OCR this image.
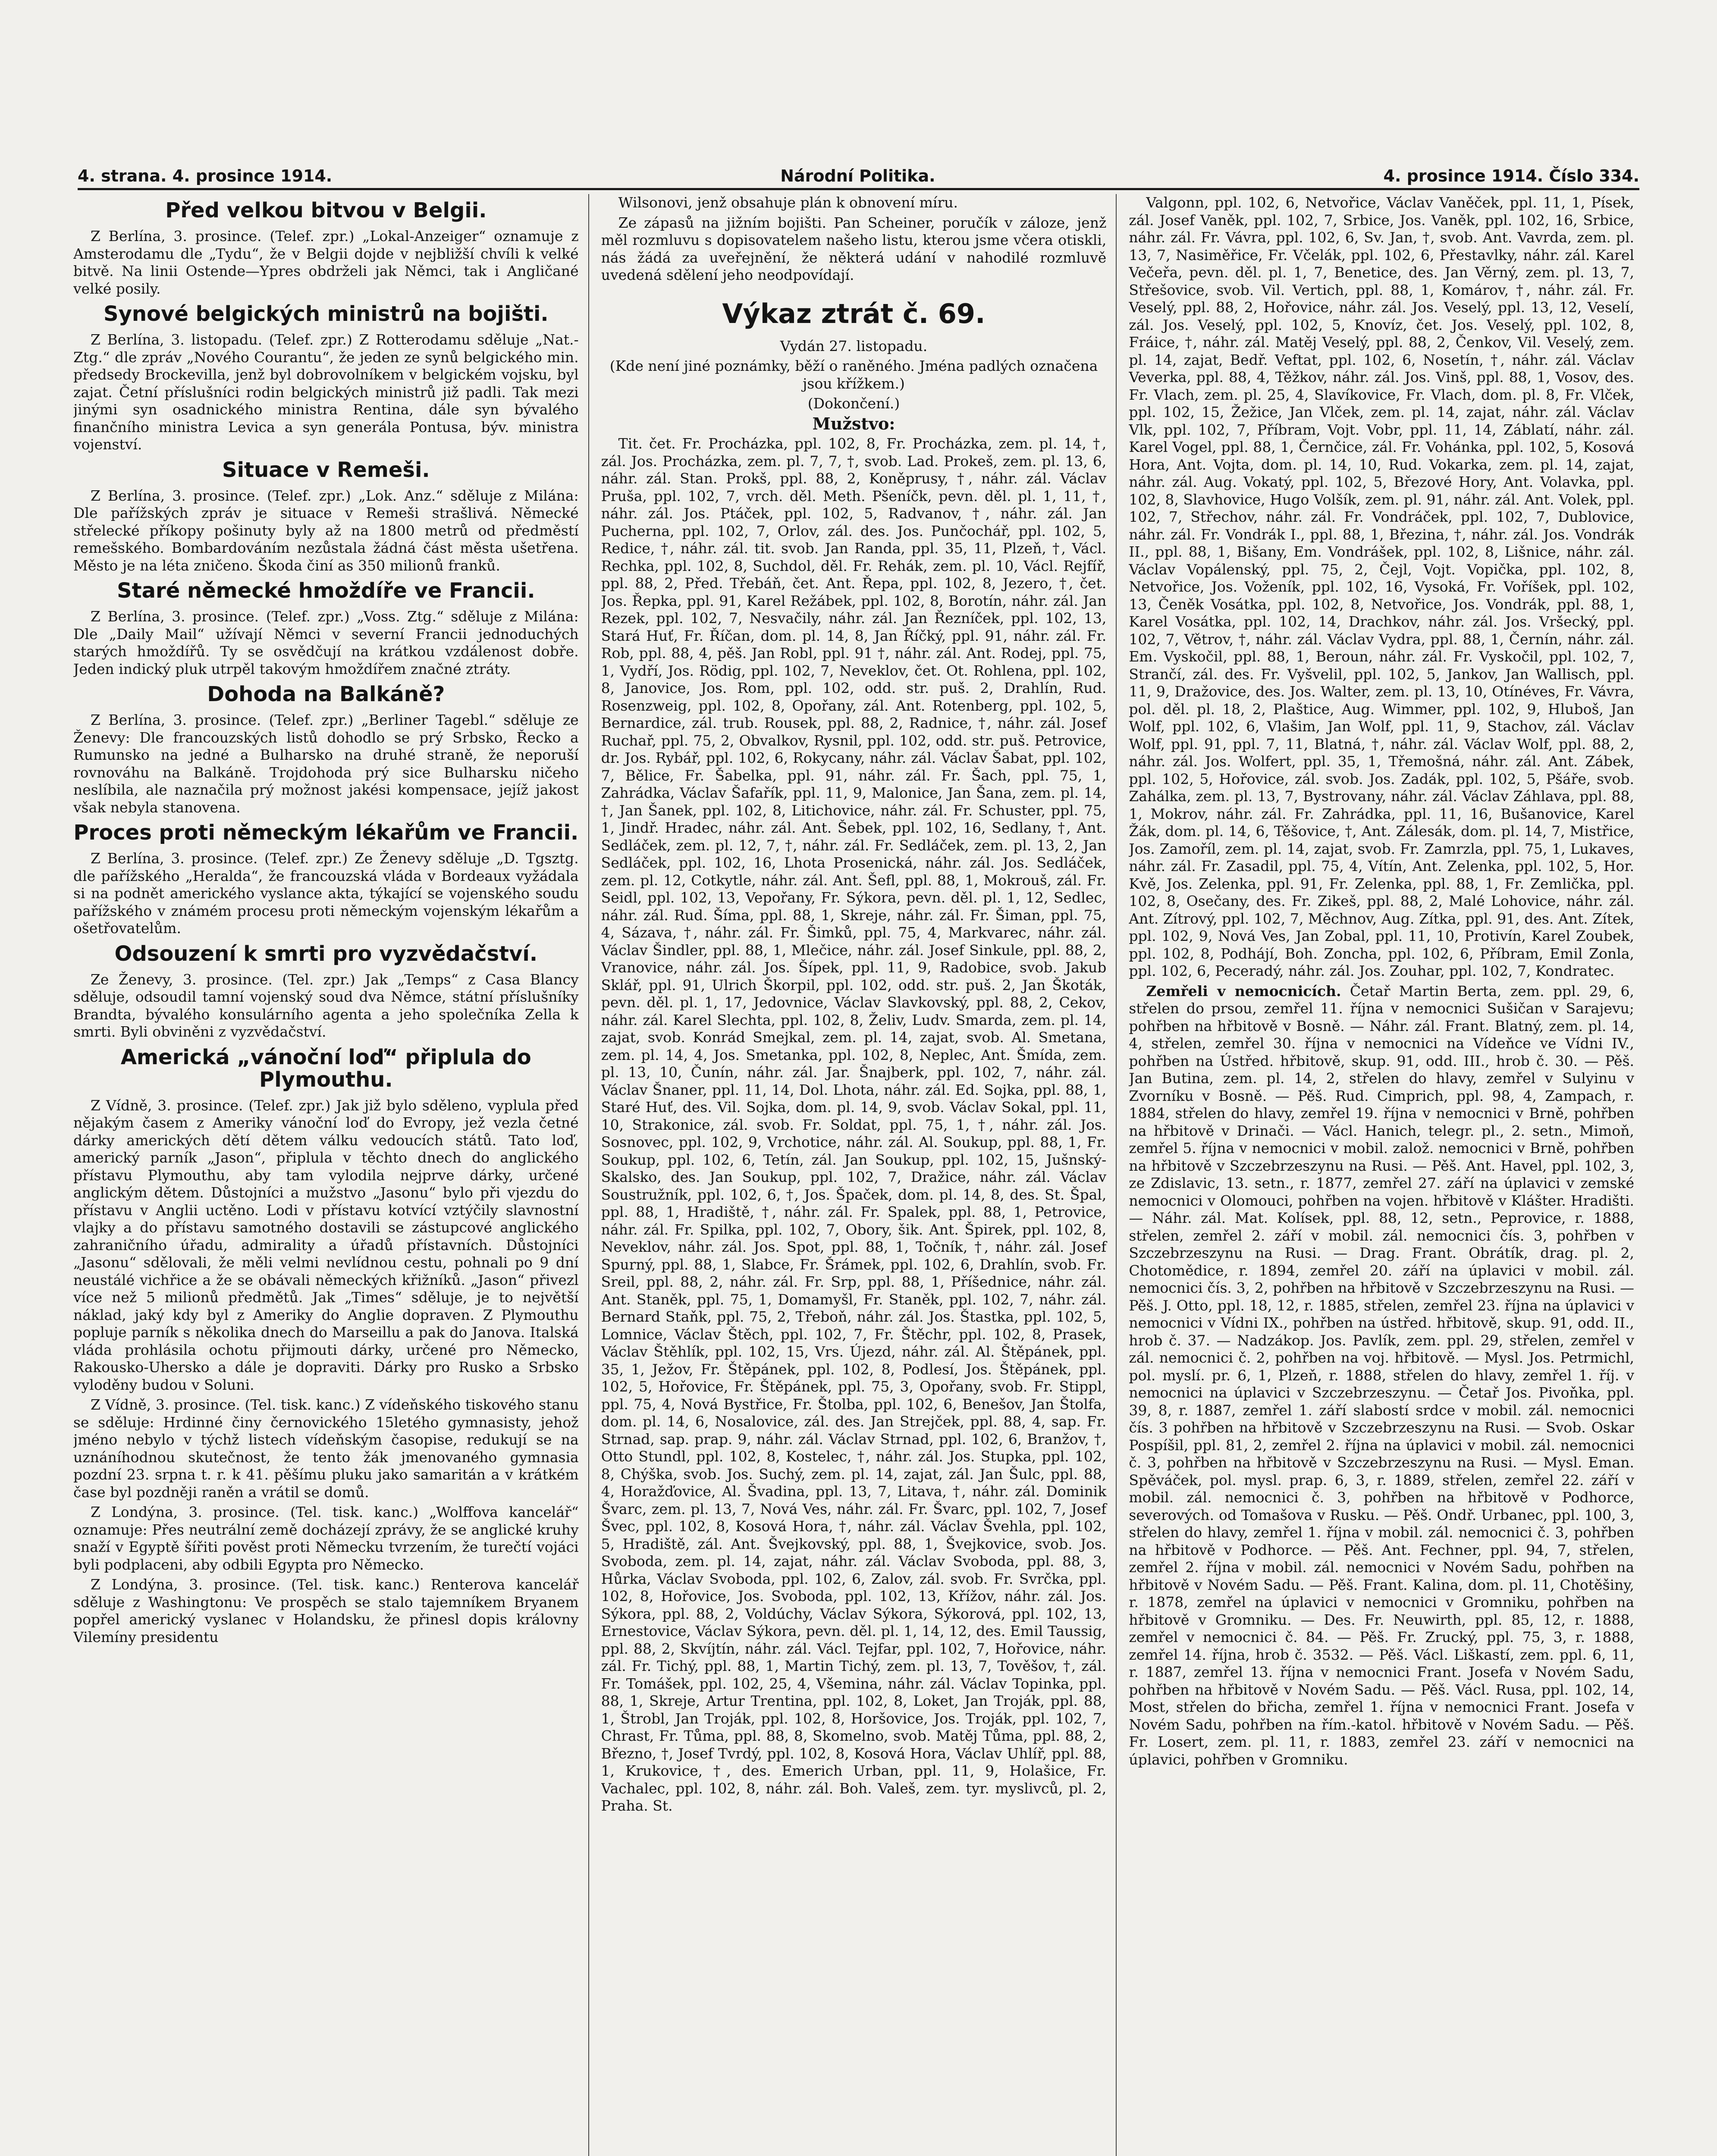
4. strana. 4. prosince 1914.	Národní Politika.	4. prosince 1914. Číslo 334.
Před velkou bitvou v Belgii.

Z Berlína, 3. prosince. (Telef. zpr.) „Lokal-Anzeiger“ oznamuje z Amsterodamu dle „Tydu“, že v Belgii dojde v nejbližší chvíli k velké bitvě. Na linii Ostende—Ypres obdrželi jak Němci, tak i Angličané velké posily.

Synové belgických ministrů na bojišti.

Z Berlína, 3. listopadu. (Telef. zpr.) Z Rotterodamu sděluje „Nat.-Ztg.“ dle zpráv „Nového Courantu“, že jeden ze synů belgického min. předsedy Brockevilla, jenž byl dobrovolníkem v belgickém vojsku, byl zajat. Četní příslušníci rodin belgických ministrů již padli. Tak mezi jinými syn osadnického ministra Rentina, dále syn bývalého finančního ministra Levica a syn generála Pontusa, býv. ministra vojenství.

Situace v Remeši.

Z Berlína, 3. prosince. (Telef. zpr.) „Lok. Anz.“ sděluje z Milána: Dle pařížských zpráv je situace v Remeši strašlivá. Německé střelecké příkopy pošinuty byly až na 1800 metrů od předměstí remešského. Bombardováním nezůstala žádná část města ušetřena. Město je na léta zničeno. Škoda činí as 350 milionů franků.

Staré německé hmoždíře ve Francii.

Z Berlína, 3. prosince. (Telef. zpr.) „Voss. Ztg.“ sděluje z Milána: Dle „Daily Mail“ užívají Němci v severní Francii jednoduchých starých hmoždířů. Ty se osvědčují na krátkou vzdálenost dobře. Jeden indický pluk utrpěl takovým hmoždířem značné ztráty.

Dohoda na Balkáně?

Z Berlína, 3. prosince. (Telef. zpr.) „Berliner Tagebl.“ sděluje ze Ženevy: Dle francouzských listů dohodlo se prý Srbsko, Řecko a Rumunsko na jedné a Bulharsko na druhé straně, že neporuší rovnováhu na Balkáně. Trojdohoda prý sice Bulharsku ničeho neslíbila, ale naznačila prý možnost jakési kompensace, jejíž jakost však nebyla stanovena.

Proces proti německým lékařům ve Francii.

Z Berlína, 3. prosince. (Telef. zpr.) Ze Ženevy sděluje „D. Tgsztg. dle pařížského „Heralda“, že francouzská vláda v Bordeaux vyžádala si na podnět amerického vyslance akta, týkající se vojenského soudu pařížského v známém procesu proti německým vojenským lékařům a ošetřovatelům.

Odsouzení k smrti pro vyzvědačství.

Ze Ženevy, 3. prosince. (Tel. zpr.) Jak „Temps“ z Casa Blancy sděluje, odsoudil tamní vojenský soud dva Němce, státní příslušníky Brandta, bývalého konsulárního agenta a jeho společníka Zella k smrti. Byli obviněni z vyzvědačství.

Americká „vánoční loď“ připlula do Plymouthu.

Z Vídně, 3. prosince. (Telef. zpr.) Jak již bylo sděleno, vyplula před nějakým časem z Ameriky vánoční loď do Evropy, jež vezla četné dárky amerických dětí dětem válku vedoucích států. Tato loď, americký parník „Jason“, připlula v těchto dnech do anglického přístavu Plymouthu, aby tam vylodila nejprve dárky, určené anglickým dětem. Důstojníci a mužstvo „Jasonu“ bylo při vjezdu do přístavu v Anglii uctěno. Lodi v přístavu kotvící vztýčily slavnostní vlajky a do přístavu samotného dostavili se zástupcové anglického zahraničního úřadu, admirality a úřadů přístavních. Důstojníci „Jasonu“ sdělovali, že měli velmi nevlídnou cestu, pohnali po 9 dní neustálé vichřice a že se obávali německých křižníků. „Jason“ přivezl více než 5 milionů předmětů. Jak „Times“ sděluje, je to největší náklad, jaký kdy byl z Ameriky do Anglie dopraven. Z Plymouthu popluje parník s několika dnech do Marseillu a pak do Janova. Italská vláda prohlásila ochotu přijmouti dárky, určené pro Německo, Rakousko-Uhersko a dále je dopraviti. Dárky pro Rusko a Srbsko vyloděny budou v Soluni.

Z Vídně, 3. prosince. (Tel. tisk. kanc.) Z vídeňského tiskového stanu se sděluje: Hrdinné činy černovického 15letého gymnasisty, jehož jméno nebylo v týchž listech vídeňským časopise, redukují se na uznáníhodnou skutečnost, že tento žák jmenovaného gymnasia pozdní 23. srpna t. r. k 41. pěšímu pluku jako samaritán a v krátkém čase byl pozdněji raněn a vrátil se domů.

Z Londýna, 3. prosince. (Tel. tisk. kanc.) „Wolffova kancelář“ oznamuje: Přes neutrální země docházejí zprávy, že se anglické kruhy snaží v Egyptě šířiti pověst proti Německu tvrzením, že turečtí vojáci byli podplaceni, aby odbili Egypta pro Německo.

Z Londýna, 3. prosince. (Tel. tisk. kanc.) Renterova kancelář sděluje z Washingtonu: Ve prospěch se stalo tajemníkem Bryanem popřel americký vyslanec v Holandsku, že přinesl dopis královny Vilemíny presidentu

Wilsonovi, jenž obsahuje plán k obnovení míru.

Ze zápasů na jižním bojišti. Pan Scheiner, poručík v záloze, jenž měl rozmluvu s dopisovatelem našeho listu, kterou jsme včera otiskli, nás žádá za uveřejnění, že některá udání v nahodilé rozmluvě uvedená sdělení jeho neodpovídají.

Výkaz ztrát č. 69.

Vydán 27. listopadu.

(Kde není jiné poznámky, běží o raněného. Jména padlých označena jsou křížkem.)

(Dokončení.)

Mužstvo:

Tit. čet. Fr. Procházka, ppl. 102, 8, Fr. Procházka, zem. pl. 14, †, zál. Jos. Procházka, zem. pl. 7, 7, †, svob. Lad. Prokeš, zem. pl. 13, 6, náhr. zál. Stan. Prokš, ppl. 88, 2, Koněprusy, †, náhr. zál. Václav Pruša, ppl. 102, 7, vrch. děl. Meth. Pšeníčk, pevn. děl. pl. 1, 11, †, náhr. zál. Jos. Ptáček, ppl. 102, 5, Radvanov, †, náhr. zál. Jan Pucherna, ppl. 102, 7, Orlov, zál. des. Jos. Punčochář, ppl. 102, 5, Redice, †, náhr. zál. tit. svob. Jan Randa, ppl. 35, 11, Plzeň, †, Václ. Rechka, ppl. 102, 8, Suchdol, děl. Fr. Rehák, zem. pl. 10, Václ. Rejfíř, ppl. 88, 2, Před. Třebáň, čet. Ant. Řepa, ppl. 102, 8, Jezero, †, čet. Jos. Řepka, ppl. 91, Karel Režábek, ppl. 102, 8, Borotín, náhr. zál. Jan Rezek, ppl. 102, 7, Nesvačily, náhr. zál. Jan Řezníček, ppl. 102, 13, Stará Huť, Fr. Říčan, dom. pl. 14, 8, Jan Říčký, ppl. 91, náhr. zál. Fr. Rob, ppl. 88, 4, pěš. Jan Robl, ppl. 91 †, náhr. zál. Ant. Rodej, ppl. 75, 1, Vydří, Jos. Rödig, ppl. 102, 7, Neveklov, čet. Ot. Rohlena, ppl. 102, 8, Janovice, Jos. Rom, ppl. 102, odd. str. puš. 2, Drahlín, Rud. Rosenzweig, ppl. 102, 8, Opořany, zál. Ant. Rotenberg, ppl. 102, 5, Bernardice, zál. trub. Rousek, ppl. 88, 2, Radnice, †, náhr. zál. Josef Ruchař, ppl. 75, 2, Obvalkov, Rysnil, ppl. 102, odd. str. puš. Petrovice, dr. Jos. Rybář, ppl. 102, 6, Rokycany, náhr. zál. Václav Šabat, ppl. 102, 7, Bělice, Fr. Šabelka, ppl. 91, náhr. zál. Fr. Šach, ppl. 75, 1, Zahrádka, Václav Šafařík, ppl. 11, 9, Malonice, Jan Šana, zem. pl. 14, †, Jan Šanek, ppl. 102, 8, Litichovice, náhr. zál. Fr. Schuster, ppl. 75, 1, Jindř. Hradec, náhr. zál. Ant. Šebek, ppl. 102, 16, Sedlany, †, Ant. Sedláček, zem. pl. 12, 7, †, náhr. zál. Fr. Sedláček, zem. pl. 13, 2, Jan Sedláček, ppl. 102, 16, Lhota Prosenická, náhr. zál. Jos. Sedláček, zem. pl. 12, Cotkytle, náhr. zál. Ant. Šefl, ppl. 88, 1, Mokrouš, zál. Fr. Seidl, ppl. 102, 13, Vepořany, Fr. Sýkora, pevn. děl. pl. 1, 12, Sedlec, náhr. zál. Rud. Šíma, ppl. 88, 1, Skreje, náhr. zál. Fr. Šiman, ppl. 75, 4, Sázava, †, náhr. zál. Fr. Šimků, ppl. 75, 4, Markvarec, náhr. zál. Václav Šindler, ppl. 88, 1, Mlečice, náhr. zál. Josef Sinkule, ppl. 88, 2, Vranovice, náhr. zál. Jos. Šípek, ppl. 11, 9, Radobice, svob. Jakub Sklář, ppl. 91, Ulrich Škorpil, ppl. 102, odd. str. puš. 2, Jan Škoták, pevn. děl. pl. 1, 17, Jedovnice, Václav Slavkovský, ppl. 88, 2, Cekov, náhr. zál. Karel Slechta, ppl. 102, 8, Želiv, Ludv. Smarda, zem. pl. 14, zajat, svob. Konrád Smejkal, zem. pl. 14, zajat, svob. Al. Smetana, zem. pl. 14, 4, Jos. Smetanka, ppl. 102, 8, Neplec, Ant. Šmída, zem. pl. 13, 10, Čunín, náhr. zál. Jar. Šnajberk, ppl. 102, 7, náhr. zál. Václav Šnaner, ppl. 11, 14, Dol. Lhota, náhr. zál. Ed. Sojka, ppl. 88, 1, Staré Huť, des. Vil. Sojka, dom. pl. 14, 9, svob. Václav Sokal, ppl. 11, 10, Strakonice, zál. svob. Fr. Soldat, ppl. 75, 1, †, náhr. zál. Jos. Sosnovec, ppl. 102, 9, Vrchotice, náhr. zál. Al. Soukup, ppl. 88, 1, Fr. Soukup, ppl. 102, 6, Tetín, zál. Jan Soukup, ppl. 102, 15, Jušnský-Skalsko, des. Jan Soukup, ppl. 102, 7, Dražice, náhr. zál. Václav Soustružník, ppl. 102, 6, †, Jos. Špaček, dom. pl. 14, 8, des. St. Špal, ppl. 88, 1, Hradiště, †, náhr. zál. Fr. Spalek, ppl. 88, 1, Petrovice, náhr. zál. Fr. Spilka, ppl. 102, 7, Obory, šik. Ant. Špirek, ppl. 102, 8, Neveklov, náhr. zál. Jos. Spot, ppl. 88, 1, Točník, †, náhr. zál. Josef Spurný, ppl. 88, 1, Slabce, Fr. Šrámek, ppl. 102, 6, Drahlín, svob. Fr. Sreil, ppl. 88, 2, náhr. zál. Fr. Srp, ppl. 88, 1, Příšednice, náhr. zál. Ant. Staněk, ppl. 75, 1, Domamyšl, Fr. Staněk, ppl. 102, 7, náhr. zál. Bernard Staňk, ppl. 75, 2, Třeboň, náhr. zál. Jos. Štastka, ppl. 102, 5, Lomnice, Václav Štěch, ppl. 102, 7, Fr. Štěchr, ppl. 102, 8, Prasek, Václav Štěhlík, ppl. 102, 15, Vrs. Újezd, náhr. zál. Al. Štěpánek, ppl. 35, 1, Ježov, Fr. Štěpánek, ppl. 102, 8, Podlesí, Jos. Štěpánek, ppl. 102, 5, Hořovice, Fr. Štěpánek, ppl. 75, 3, Opořany, svob. Fr. Stippl, ppl. 75, 4, Nová Bystřice, Fr. Štolba, ppl. 102, 6, Benešov, Jan Štolfa, dom. pl. 14, 6, Nosalovice, zál. des. Jan Strejček, ppl. 88, 4, sap. Fr. Strnad, sap. prap. 9, náhr. zál. Václav Strnad, ppl. 102, 6, Branžov, †, Otto Stundl, ppl. 102, 8, Kostelec, †, náhr. zál. Jos. Stupka, ppl. 102, 8, Chýška, svob. Jos. Suchý, zem. pl. 14, zajat, zál. Jan Šulc, ppl. 88, 4, Horažďovice, Al. Švadina, ppl. 13, 7, Litava, †, náhr. zál. Dominik Švarc, zem. pl. 13, 7, Nová Ves, náhr. zál. Fr. Švarc, ppl. 102, 7, Josef Švec, ppl. 102, 8, Kosová Hora, †, náhr. zál. Václav Švehla, ppl. 102, 5, Hradiště, zál. Ant. Švejkovský, ppl. 88, 1, Švejkovice, svob. Jos. Svoboda, zem. pl. 14, zajat, náhr. zál. Václav Svoboda, ppl. 88, 3, Hůrka, Václav Svoboda, ppl. 102, 6, Zalov, zál. svob. Fr. Svrčka, ppl. 102, 8, Hořovice, Jos. Svoboda, ppl. 102, 13, Křížov, náhr. zál. Jos. Sýkora, ppl. 88, 2, Voldúchy, Václav Sýkora, Sýkorová, ppl. 102, 13, Ernestovice, Václav Sýkora, pevn. děl. pl. 1, 14, 12, des. Emil Taussig, ppl. 88, 2, Skvíjtín, náhr. zál. Václ. Tejfar, ppl. 102, 7, Hořovice, náhr. zál. Fr. Tichý, ppl. 88, 1, Martin Tichý, zem. pl. 13, 7, Tověšov, †, zál. Fr. Tomášek, ppl. 102, 25, 4, Všemina, náhr. zál. Václav Topinka, ppl. 88, 1, Skreje, Artur Trentina, ppl. 102, 8, Loket, Jan Troják, ppl. 88, 1, Štrobl, Jan Troják, ppl. 102, 8, Horšovice, Jos. Troják, ppl. 102, 7, Chrast, Fr. Tůma, ppl. 88, 8, Skomelno, svob. Matěj Tůma, ppl. 88, 2, Březno, †, Josef Tvrdý, ppl. 102, 8, Kosová Hora, Václav Uhlíř, ppl. 88, 1, Krukovice, †, des. Emerich Urban, ppl. 11, 9, Holašice, Fr. Vachalec, ppl. 102, 8, náhr. zál. Boh. Valeš, zem. tyr. myslivců, pl. 2, Praha. St.

Valgonn, ppl. 102, 6, Netvořice, Václav Vaněček, ppl. 11, 1, Písek, zál. Josef Vaněk, ppl. 102, 7, Srbice, Jos. Vaněk, ppl. 102, 16, Srbice, náhr. zál. Fr. Vávra, ppl. 102, 6, Sv. Jan, †, svob. Ant. Vavrda, zem. pl. 13, 7, Nasiměřice, Fr. Včelák, ppl. 102, 6, Přestavlky, náhr. zál. Karel Večeřa, pevn. děl. pl. 1, 7, Benetice, des. Jan Věrný, zem. pl. 13, 7, Střešovice, svob. Vil. Vertich, ppl. 88, 1, Komárov, †, náhr. zál. Fr. Veselý, ppl. 88, 2, Hořovice, náhr. zál. Jos. Veselý, ppl. 13, 12, Veselí, zál. Jos. Veselý, ppl. 102, 5, Knovíz, čet. Jos. Veselý, ppl. 102, 8, Fráice, †, náhr. zál. Matěj Veselý, ppl. 88, 2, Čenkov, Vil. Veselý, zem. pl. 14, zajat, Bedř. Veftat, ppl. 102, 6, Nosetín, †, náhr. zál. Václav Veverka, ppl. 88, 4, Těžkov, náhr. zál. Jos. Vinš, ppl. 88, 1, Vosov, des. Fr. Vlach, zem. pl. 25, 4, Slavíkovice, Fr. Vlach, dom. pl. 8, Fr. Vlček, ppl. 102, 15, Žežice, Jan Vlček, zem. pl. 14, zajat, náhr. zál. Václav Vlk, ppl. 102, 7, Příbram, Vojt. Vobr, ppl. 11, 14, Záblatí, náhr. zál. Karel Vogel, ppl. 88, 1, Černčice, zál. Fr. Vohánka, ppl. 102, 5, Kosová Hora, Ant. Vojta, dom. pl. 14, 10, Rud. Vokarka, zem. pl. 14, zajat, náhr. zál. Aug. Vokatý, ppl. 102, 5, Březové Hory, Ant. Volavka, ppl. 102, 8, Slavhovice, Hugo Volšík, zem. pl. 91, náhr. zál. Ant. Volek, ppl. 102, 7, Střechov, náhr. zál. Fr. Vondráček, ppl. 102, 7, Dublovice, náhr. zál. Fr. Vondrák I., ppl. 88, 1, Březina, †, náhr. zál. Jos. Vondrák II., ppl. 88, 1, Bišany, Em. Vondrášek, ppl. 102, 8, Lišnice, náhr. zál. Václav Vopálenský, ppl. 75, 2, Čejl, Vojt. Vopička, ppl. 102, 8, Netvořice, Jos. Voženík, ppl. 102, 16, Vysoká, Fr. Voříšek, ppl. 102, 13, Čeněk Vosátka, ppl. 102, 8, Netvořice, Jos. Vondrák, ppl. 88, 1, Karel Vosátka, ppl. 102, 14, Drachkov, náhr. zál. Jos. Vršecký, ppl. 102, 7, Větrov, †, náhr. zál. Václav Vydra, ppl. 88, 1, Černín, náhr. zál. Em. Vyskočil, ppl. 88, 1, Beroun, náhr. zál. Fr. Vyskočil, ppl. 102, 7, Strančí, zál. des. Fr. Vyšvelil, ppl. 102, 5, Jankov, Jan Wallisch, ppl. 11, 9, Dražovice, des. Jos. Walter, zem. pl. 13, 10, Otínéves, Fr. Vávra, pol. děl. pl. 18, 2, Plaštice, Aug. Wimmer, ppl. 102, 9, Hluboš, Jan Wolf, ppl. 102, 6, Vlašim, Jan Wolf, ppl. 11, 9, Stachov, zál. Václav Wolf, ppl. 91, ppl. 7, 11, Blatná, †, náhr. zál. Václav Wolf, ppl. 88, 2, náhr. zál. Jos. Wolfert, ppl. 35, 1, Třemošná, náhr. zál. Ant. Zábek, ppl. 102, 5, Hořovice, zál. svob. Jos. Zadák, ppl. 102, 5, Pšáře, svob. Zahálka, zem. pl. 13, 7, Bystrovany, náhr. zál. Václav Záhlava, ppl. 88, 1, Mokrov, náhr. zál. Fr. Zahrádka, ppl. 11, 16, Bušanovice, Karel Žák, dom. pl. 14, 6, Těšovice, †, Ant. Zálesák, dom. pl. 14, 7, Mistřice, Jos. Zamoříl, zem. pl. 14, zajat, svob. Fr. Zamrzla, ppl. 75, 1, Lukaves, náhr. zál. Fr. Zasadil, ppl. 75, 4, Vítín, Ant. Zelenka, ppl. 102, 5, Hor. Kvě, Jos. Zelenka, ppl. 91, Fr. Zelenka, ppl. 88, 1, Fr. Zemlička, ppl. 102, 8, Osečany, des. Fr. Zikeš, ppl. 88, 2, Malé Lohovice, náhr. zál. Ant. Zítrový, ppl. 102, 7, Měchnov, Aug. Zítka, ppl. 91, des. Ant. Zítek, ppl. 102, 9, Nová Ves, Jan Zobal, ppl. 11, 10, Protivín, Karel Zoubek, ppl. 102, 8, Podhájí, Boh. Zoncha, ppl. 102, 6, Příbram, Emil Zonla, ppl. 102, 6, Peceradý, náhr. zál. Jos. Zouhar, ppl. 102, 7, Kondratec.

Zemřeli v nemocnicích. Četař Martin Berta, zem. ppl. 29, 6, střelen do prsou, zemřel 11. října v nemocnici Sušičan v Sarajevu; pohřben na hřbitově v Bosně. — Náhr. zál. Frant. Blatný, zem. pl. 14, 4, střelen, zemřel 30. října v nemocnici na Vídeňce ve Vídni IV., pohřben na Ústřed. hřbitově, skup. 91, odd. III., hrob č. 30. — Pěš. Jan Butina, zem. pl. 14, 2, střelen do hlavy, zemřel v Sulyinu v Zvorníku v Bosně. — Pěš. Rud. Cimprich, ppl. 98, 4, Zampach, r. 1884, střelen do hlavy, zemřel 19. října v nemocnici v Brně, pohřben na hřbitově v Drinači. — Václ. Hanich, telegr. pl., 2. setn., Mimoň, zemřel 5. října v nemocnici v mobil. založ. nemocnici v Brně, pohřben na hřbitově v Szczebrzeszynu na Rusi. — Pěš. Ant. Havel, ppl. 102, 3, ze Zdislavic, 13. setn., r. 1877, zemřel 27. září na úplavici v zemské nemocnici v Olomouci, pohřben na vojen. hřbitově v Klášter. Hradišti. — Náhr. zál. Mat. Kolísek, ppl. 88, 12, setn., Peprovice, r. 1888, střelen, zemřel 2. září v mobil. zál. nemocnici čís. 3, pohřben v Szczebrzeszynu na Rusi. — Drag. Frant. Obrátík, drag. pl. 2, Chotomědice, r. 1894, zemřel 20. září na úplavici v mobil. zál. nemocnici čís. 3, 2, pohřben na hřbitově v Szczebrzeszynu na Rusi. — Pěš. J. Otto, ppl. 18, 12, r. 1885, střelen, zemřel 23. října na úplavici v nemocnici v Vídni IX., pohřben na ústřed. hřbitově, skup. 91, odd. II., hrob č. 37. — Nadzákop. Jos. Pavlík, zem. ppl. 29, střelen, zemřel v zál. nemocnici č. 2, pohřben na voj. hřbitově. — Mysl. Jos. Petrmichl, pol. myslí. pr. 6, 1, Plzeň, r. 1888, střelen do hlavy, zemřel 1. říj. v nemocnici na úplavici v Szczebrzeszynu. — Četař Jos. Pivoňka, ppl. 39, 8, r. 1887, zemřel 1. září slabostí srdce v mobil. zál. nemocnici čís. 3 pohřben na hřbitově v Szczebrzeszynu na Rusi. — Svob. Oskar Pospíšil, ppl. 81, 2, zemřel 2. října na úplavici v mobil. zál. nemocnici č. 3, pohřben na hřbitově v Szczebrzeszynu na Rusi. — Mysl. Eman. Spěváček, pol. mysl. prap. 6, 3, r. 1889, střelen, zemřel 22. září v mobil. zál. nemocnici č. 3, pohřben na hřbitově v Podhorce, severových. od Tomašova v Rusku. — Pěš. Ondř. Urbanec, ppl. 100, 3, střelen do hlavy, zemřel 1. října v mobil. zál. nemocnici č. 3, pohřben na hřbitově v Podhorce. — Pěš. Ant. Fechner, ppl. 94, 7, střelen, zemřel 2. října v mobil. zál. nemocnici v Novém Sadu, pohřben na hřbitově v Novém Sadu. — Pěš. Frant. Kalina, dom. pl. 11, Chotěšiny, r. 1878, zemřel na úplavici v nemocnici v Gromniku, pohřben na hřbitově v Gromniku. — Des. Fr. Neuwirth, ppl. 85, 12, r. 1888, zemřel v nemocnici č. 84. — Pěš. Fr. Zrucký, ppl. 75, 3, r. 1888, zemřel 14. října, hrob č. 3532. — Pěš. Václ. Liškastí, zem. ppl. 6, 11, r. 1887, zemřel 13. října v nemocnici Frant. Josefa v Novém Sadu, pohřben na hřbitově v Novém Sadu. — Pěš. Václ. Rusa, ppl. 102, 14, Most, střelen do břicha, zemřel 1. října v nemocnici Frant. Josefa v Novém Sadu, pohřben na řím.-katol. hřbitově v Novém Sadu. — Pěš. Fr. Losert, zem. pl. 11, r. 1883, zemřel 23. září v nemocnici na úplavici, pohřben v Gromniku.
